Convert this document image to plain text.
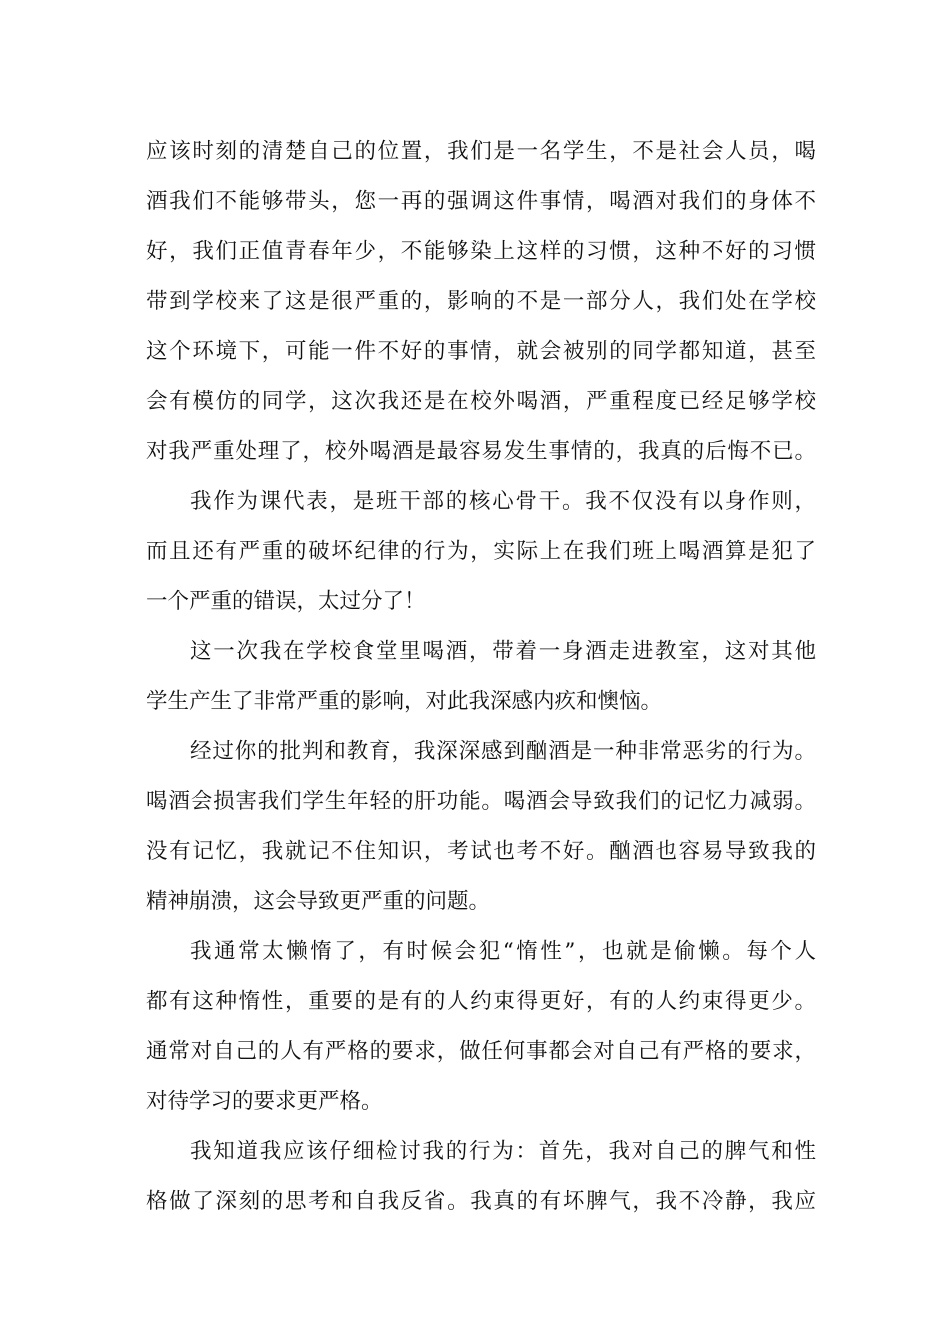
应该时刻的清楚自己的位置，我们是一名学生，不是社会人员，喝
酒我们不能够带头，您一再的强调这件事情，喝酒对我们的身体不
好，我们正值青春年少，不能够染上这样的习惯，这种不好的习惯
带到学校来了这是很严重的，影响的不是一部分人，我们处在学校
这个环境下，可能一件不好的事情，就会被别的同学都知道，甚至
会有模仿的同学，这次我还是在校外喝酒，严重程度已经足够学校
对我严重处理了，校外喝酒是最容易发生事情的，我真的后悔不已。
我作为课代表，是班干部的核心骨干。我不仅没有以身作则，
而且还有严重的破坏纪律的行为，实际上在我们班上喝酒算是犯了
一个严重的错误，太过分了！
这一次我在学校食堂里喝酒，带着一身酒走进教室，这对其他
学生产生了非常严重的影响，对此我深感内疚和懊恼。
经过你的批判和教育，我深深感到酗酒是一种非常恶劣的行为。
喝酒会损害我们学生年轻的肝功能。喝酒会导致我们的记忆力减弱。
没有记忆，我就记不住知识，考试也考不好。酗酒也容易导致我的
精神崩溃，这会导致更严重的问题。
我通常太懒惰了，有时候会犯“惰性”，也就是偷懒。每个人
都有这种惰性，重要的是有的人约束得更好，有的人约束得更少。
通常对自己的人有严格的要求，做任何事都会对自己有严格的要求，
对待学习的要求更严格。
我知道我应该仔细检讨我的行为：首先，我对自己的脾气和性
格做了深刻的思考和自我反省。我真的有坏脾气，我不冷静，我应
